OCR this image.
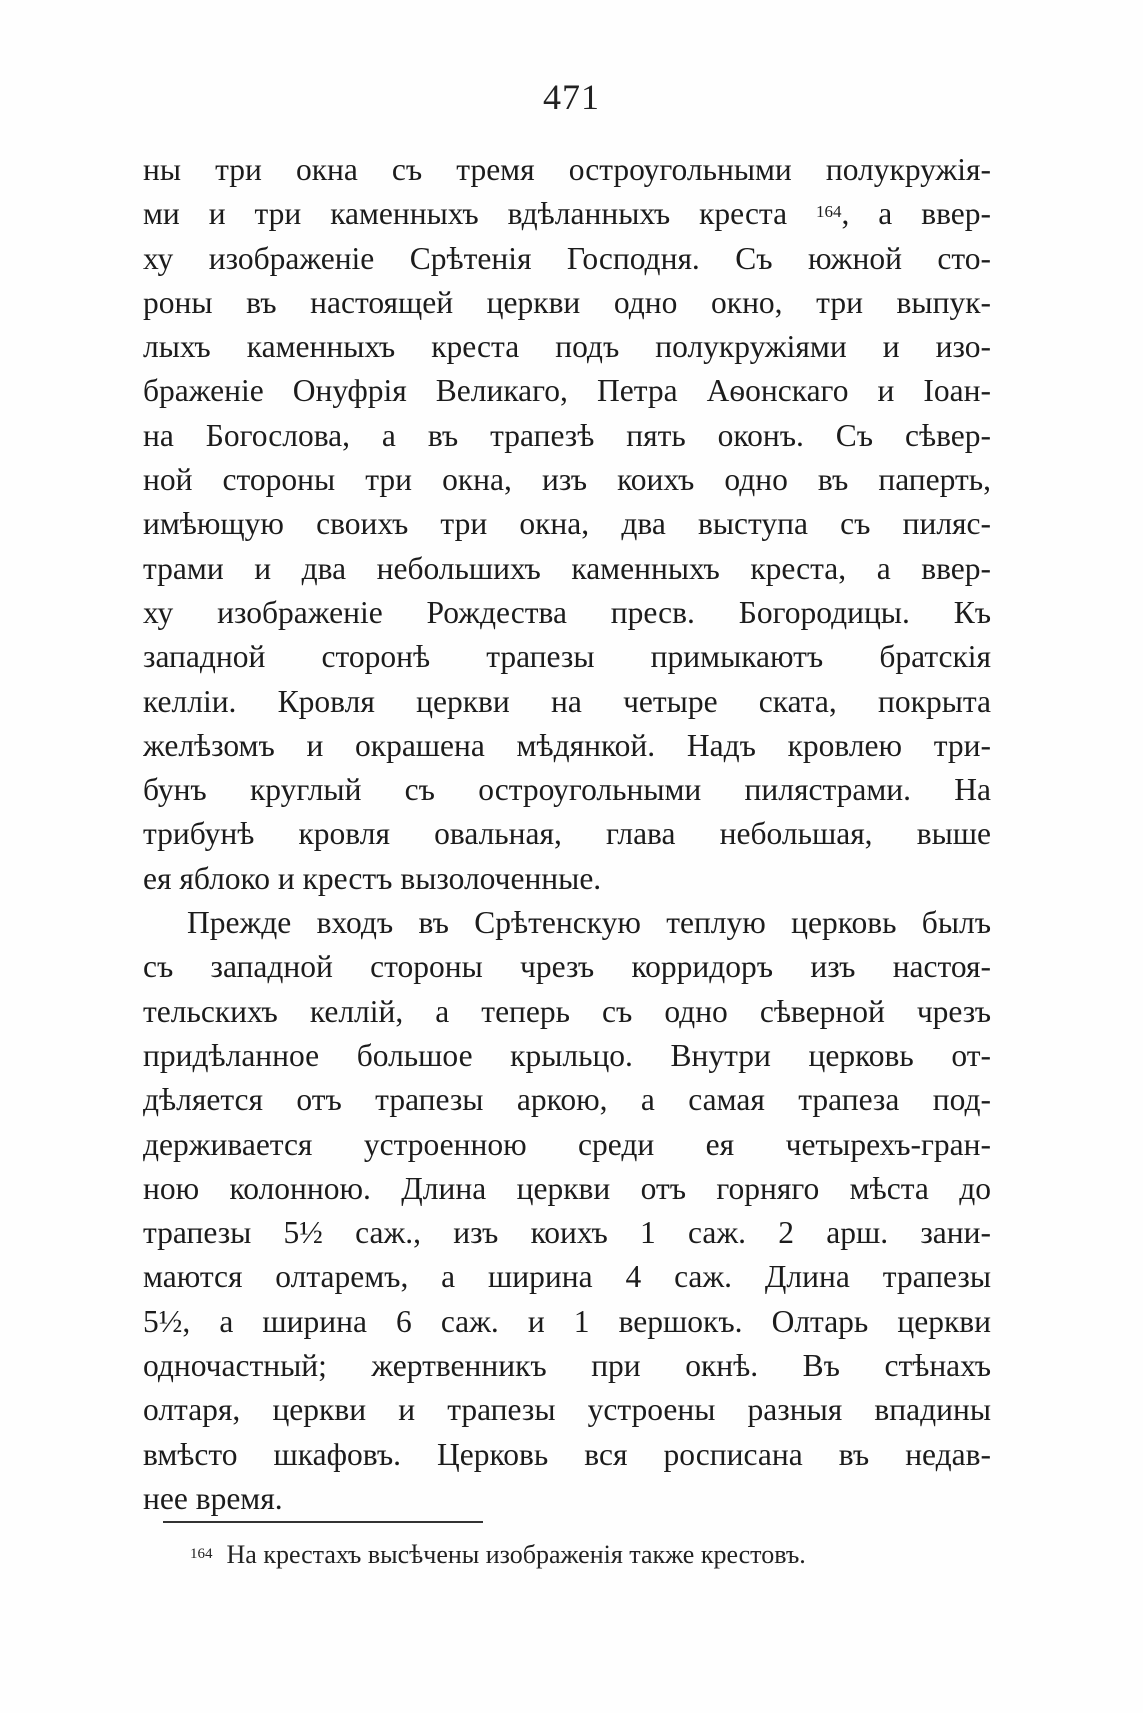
471
ны три окна съ тремя остроугольными полукружія-
ми и три каменныхъ вдѣланныхъ креста $^{164}$, а ввер-
ху изображеніе Срѣтенія Господня. Съ южной сто-
роны въ настоящей церкви одно окно, три выпук-
лыхъ каменныхъ креста подъ полукружіями и изо-
браженіе Онуфрія Великаго, Петра Аѳонскаго и Іоан-
на Богослова, а въ трапезѣ пять оконъ. Съ сѣвер-
ной стороны три окна, изъ коихъ одно въ паперть,
имѣющую своихъ три окна, два выступа съ пиляс-
трами и два небольшихъ каменныхъ креста, а ввер-
ху изображеніе Рождества пресв. Богородицы. Къ
западной сторонѣ трапезы примыкаютъ братскія
келліи. Кровля церкви на четыре ската, покрыта
желѣзомъ и окрашена мѣдянкой. Надъ кровлею три-
бунъ круглый съ остроугольными пилястрами. На
трибунѣ кровля овальная, глава небольшая, выше
ея яблоко и крестъ вызолоченные.
Прежде входъ въ Срѣтенскую теплую церковь былъ
съ западной стороны чрезъ корридоръ изъ настоя-
тельскихъ келлій, а теперь съ одно сѣверной чрезъ
придѣланное большое крыльцо. Внутри церковь от-
дѣляется отъ трапезы аркою, а самая трапеза под-
держивается устроенною среди ея четырехъ-гран-
ною колонною. Длина церкви отъ горняго мѣста до
трапезы 5½ саж., изъ коихъ 1 саж. 2 арш. зани-
маются олтаремъ, а ширина 4 саж. Длина трапезы
5½, а ширина 6 саж. и 1 вершокъ. Олтарь церкви
одночастный; жертвенникъ при окнѣ. Въ стѣнахъ
олтаря, церкви и трапезы устроены разныя впадины
вмѣсто шкафовъ. Церковь вся росписана въ недав-
нее время.
$^{164}$ На крестахъ высѣчены изображенія также крестовъ.
